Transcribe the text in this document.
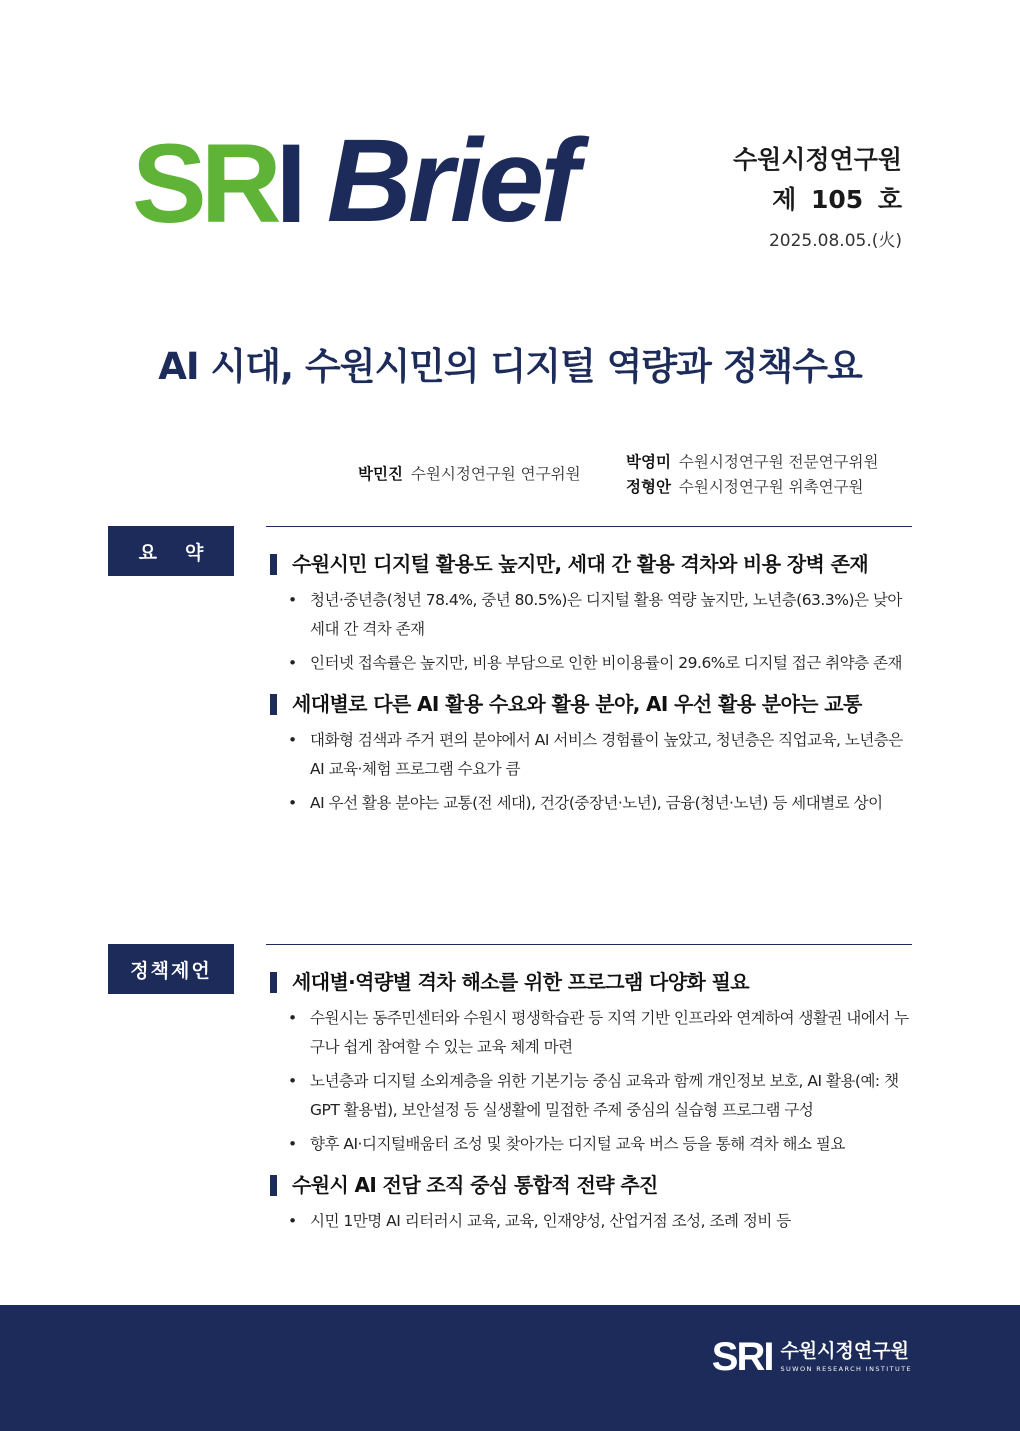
SRI Brief	수원시정연구원
제 105 호
2025.08.05.(火)
AI 시대, 수원시민의 디지털 역량과 정책수요
박민진 수원시정연구원 연구위원
박영미 수원시정연구원 전문연구위원
정형안 수원시정연구원 위촉연구원
요약	수원시민 디지털 활용도 높지만, 세대 간 활용 격차와 비용 장벽 존재
• 청년·중년층(청년 78.4%, 중년 80.5%)은 디지털 활용 역량 높지만, 노년층(63.3%)은 낮아 세대 간 격차 존재
• 인터넷 접속률은 높지만, 비용 부담으로 인한 비이용률이 29.6%로 디지털 접근 취약층 존재
세대별로 다른 AI 활용 수요와 활용 분야, AI 우선 활용 분야는 교통
• 대화형 검색과 주거 편의 분야에서 AI 서비스 경험률이 높았고, 청년층은 직업교육, 노년층은 AI 교육·체험 프로그램 수요가 큼
• AI 우선 활용 분야는 교통(전 세대), 건강(중장년·노년), 금융(청년·노년) 등 세대별로 상이
정책제언	세대별·역량별 격차 해소를 위한 프로그램 다양화 필요
• 수원시는 동주민센터와 수원시 평생학습관 등 지역 기반 인프라와 연계하여 생활권 내에서 누구나 쉽게 참여할 수 있는 교육 체계 마련
• 노년층과 디지털 소외계층을 위한 기본기능 중심 교육과 함께 개인정보 보호, AI 활용(예: 챗GPT 활용법), 보안설정 등 실생활에 밀접한 주제 중심의 실습형 프로그램 구성
• 향후 AI·디지털배움터 조성 및 찾아가는 디지털 교육 버스 등을 통해 격차 해소 필요
수원시 AI 전담 조직 중심 통합적 전략 추진
• 시민 1만명 AI 리터러시 교육, 교육, 인재양성, 산업거점 조성, 조례 정비 등
SRI 수원시정연구원
SUWON RESEARCH INSTITUTE
